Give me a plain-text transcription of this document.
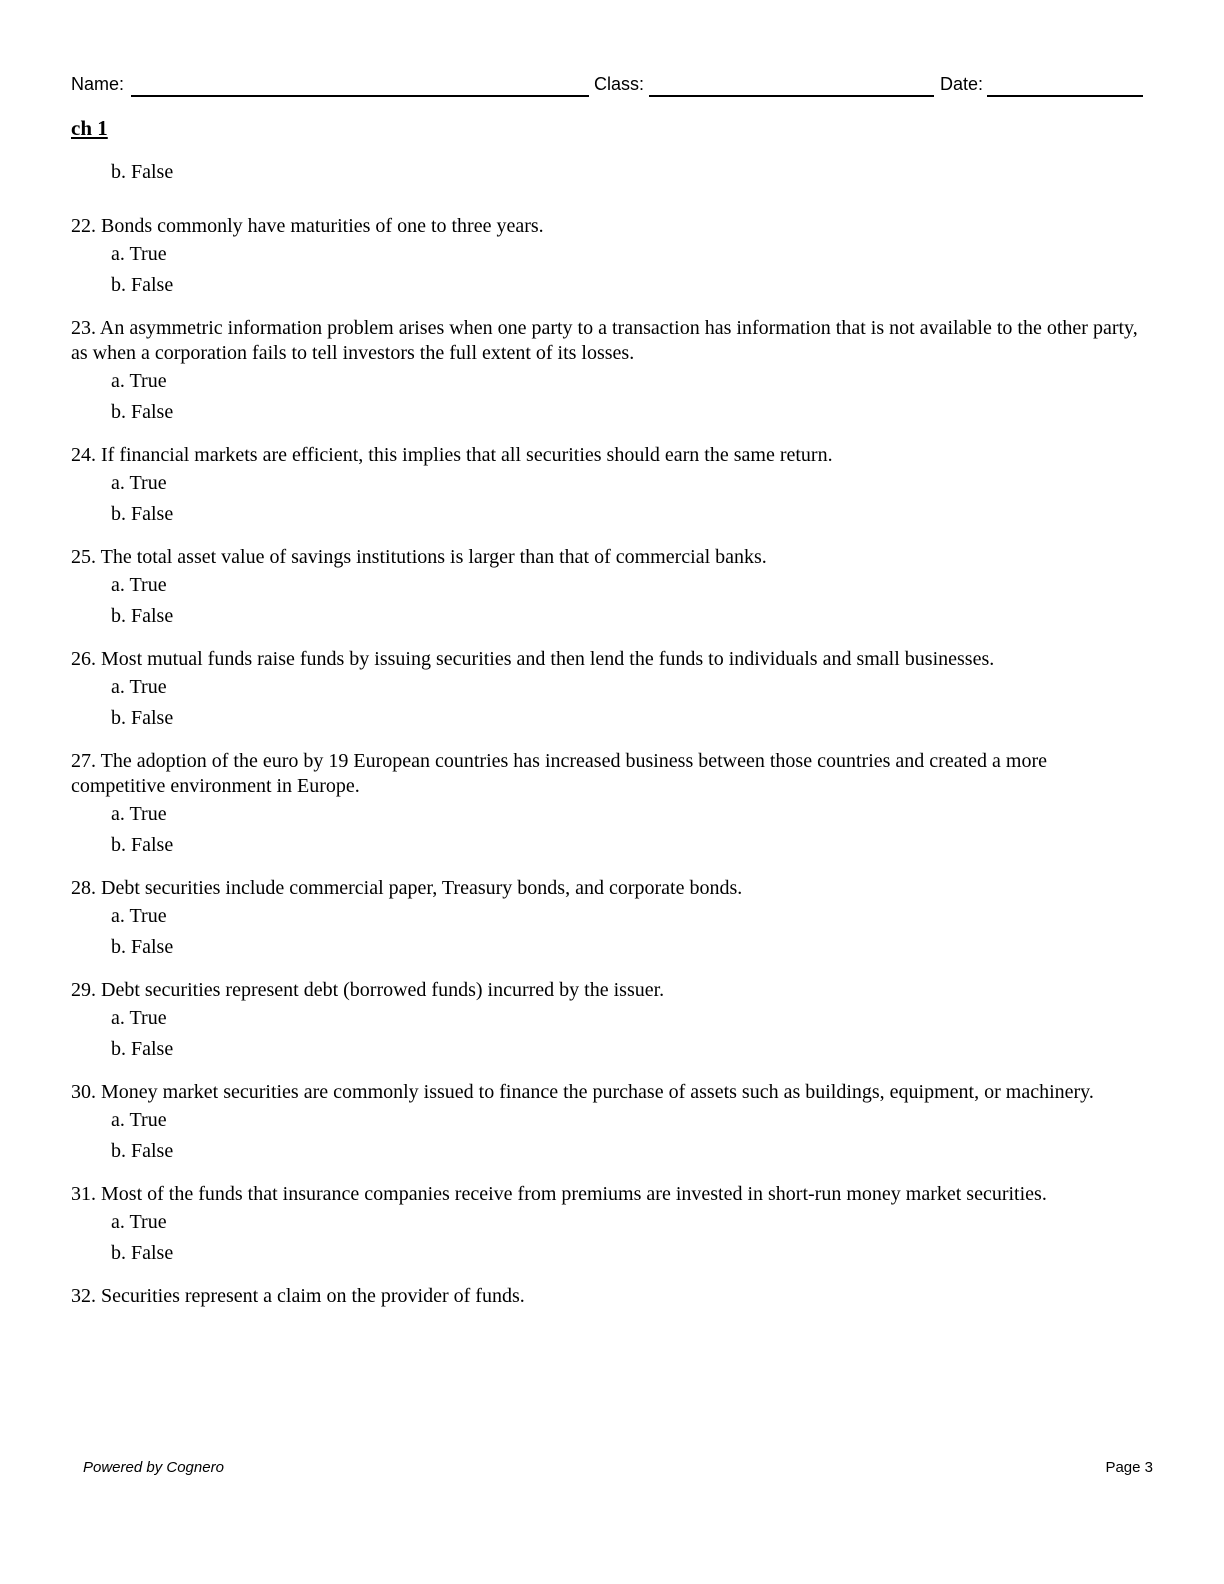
Name:	Class:	Date:
ch 1
b. False

22. Bonds commonly have maturities of one to three years.

a. True
b. False

23. An asymmetric information problem arises when one party to a transaction has information that is not available to the other party, as when a corporation fails to tell investors the full extent of its losses.

a. True
b. False

24. If financial markets are efficient, this implies that all securities should earn the same return.

a. True
b. False

25. The total asset value of savings institutions is larger than that of commercial banks.

a. True
b. False

26. Most mutual funds raise funds by issuing securities and then lend the funds to individuals and small businesses.

a. True
b. False

27. The adoption of the euro by 19 European countries has increased business between those countries and created a more competitive environment in Europe.

a. True
b. False

28. Debt securities include commercial paper, Treasury bonds, and corporate bonds.

a. True
b. False

29. Debt securities represent debt (borrowed funds) incurred by the issuer.

a. True
b. False

30. Money market securities are commonly issued to finance the purchase of assets such as buildings, equipment, or machinery.

a. True
b. False

31. Most of the funds that insurance companies receive from premiums are invested in short-run money market securities.

a. True
b. False

32. Securities represent a claim on the provider of funds.

Powered by Cognero	Page 3
